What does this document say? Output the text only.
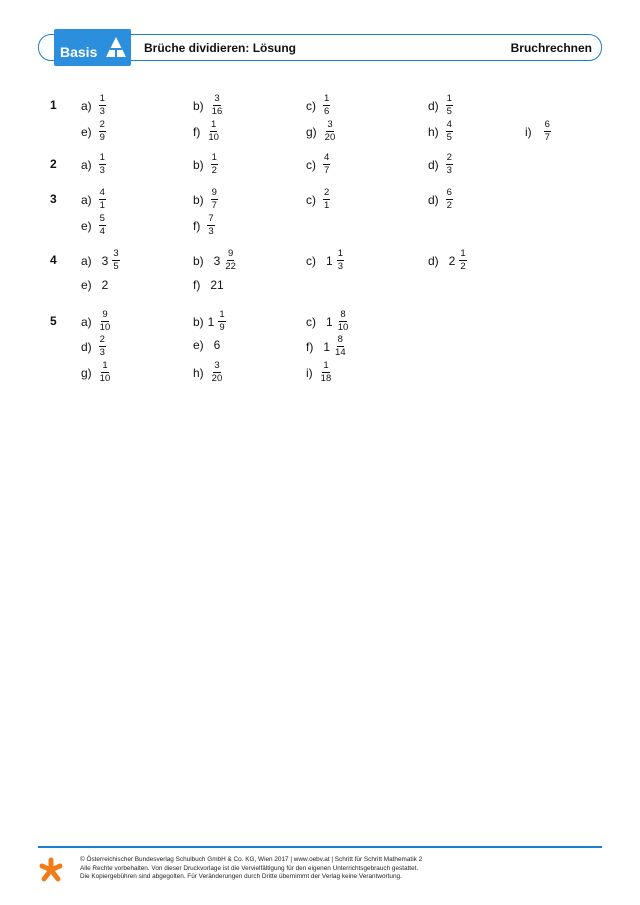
Basis	Brüche dividieren: Lösung	Bruchrechnen
1 $a) \frac{1}{3}$	$b) \frac{3}{16}$	$c) \frac{1}{6}$	$d) \frac{1}{5}$
$e) \frac{2}{9}$	$f) \frac{1}{10}$	$g) \frac{3}{20}$	$h) \frac{4}{5}$	$i) \frac{6}{7}$
2 $a) \frac{1}{3}$	$b) \frac{1}{2}$	$c) \frac{4}{7}$	$d) \frac{2}{3}$
3 $a) \frac{4}{1}$	$b) \frac{9}{7}$	$c) \frac{2}{1}$	$d) \frac{6}{2}$
$e) \frac{5}{4}$	$f) \frac{7}{3}$
4 a) $3 \frac{3}{5}$	b) $3 \frac{9}{22}$	c) $1 \frac{1}{3}$	d) $2 \frac{1}{2}$
e) 2	f) 21
5 $a) \frac{9}{10}$	b) $1 \frac{1}{9}$	c) $1 \frac{8}{10}$
$d) \frac{2}{3}$	e) 6	f) $1 \frac{8}{14}$
$g) \frac{1}{10}$	$h) \frac{3}{20}$	$i) \frac{1}{18}$
© Österreichischer Bundesverlag Schulbuch GmbH & Co. KG, Wien 2017 | www.oebv.at | Schritt für Schritt Mathematik 2
Alle Rechte vorbehalten. Von dieser Druckvorlage ist die Vervielfältigung für den eigenen Unterrichtsgebrauch gestattet.
Die Kopiergebühren sind abgegolten. Für Veränderungen durch Dritte übernimmt der Verlag keine Verantwortung.
